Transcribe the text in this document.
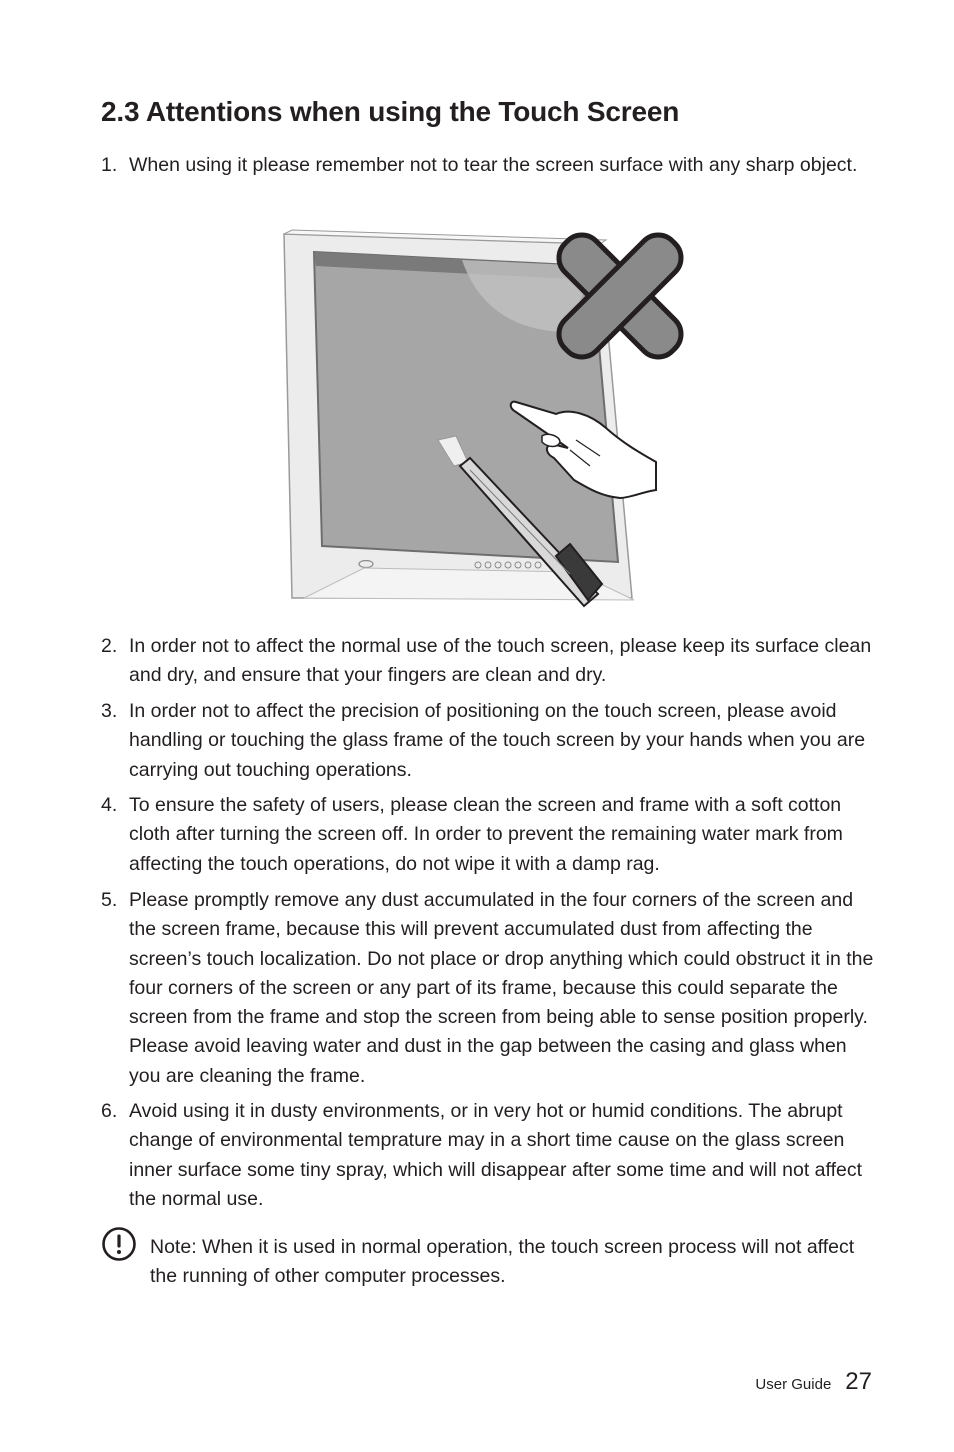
2.3 Attentions when using the Touch Screen
1. When using it please remember not to tear the screen surface with any sharp object.
2. In order not to affect the normal use of the touch screen, please keep its surface clean and dry, and ensure that your fingers are clean and dry.
3. In order not to affect the precision of positioning on the touch screen, please avoid handling or touching the glass frame of the touch screen by your hands when you are carrying out touching operations.
4. To ensure the safety of users, please clean the screen and frame with a soft cotton cloth after turning the screen off. In order to prevent the remaining water mark from affecting the touch operations, do not wipe it with a damp rag.
5. Please promptly remove any dust accumulated in the four corners of the screen and the screen frame, because this will prevent accumulated dust from affecting the screen’s touch localization. Do not place or drop anything which could obstruct it in the four corners of the screen or any part of its frame, because this could separate the screen from the frame and stop the screen from being able to sense position properly. Please avoid leaving water and dust in the gap between the casing and glass when you are cleaning the frame.
6. Avoid using it in dusty environments, or in very hot or humid conditions. The abrupt change of environmental temprature may in a short time cause on the glass screen inner surface some tiny spray, which will disappear after some time and will not affect the normal use.
Note: When it is used in normal operation, the touch screen process will not affect the running of other computer processes.
User Guide 27
